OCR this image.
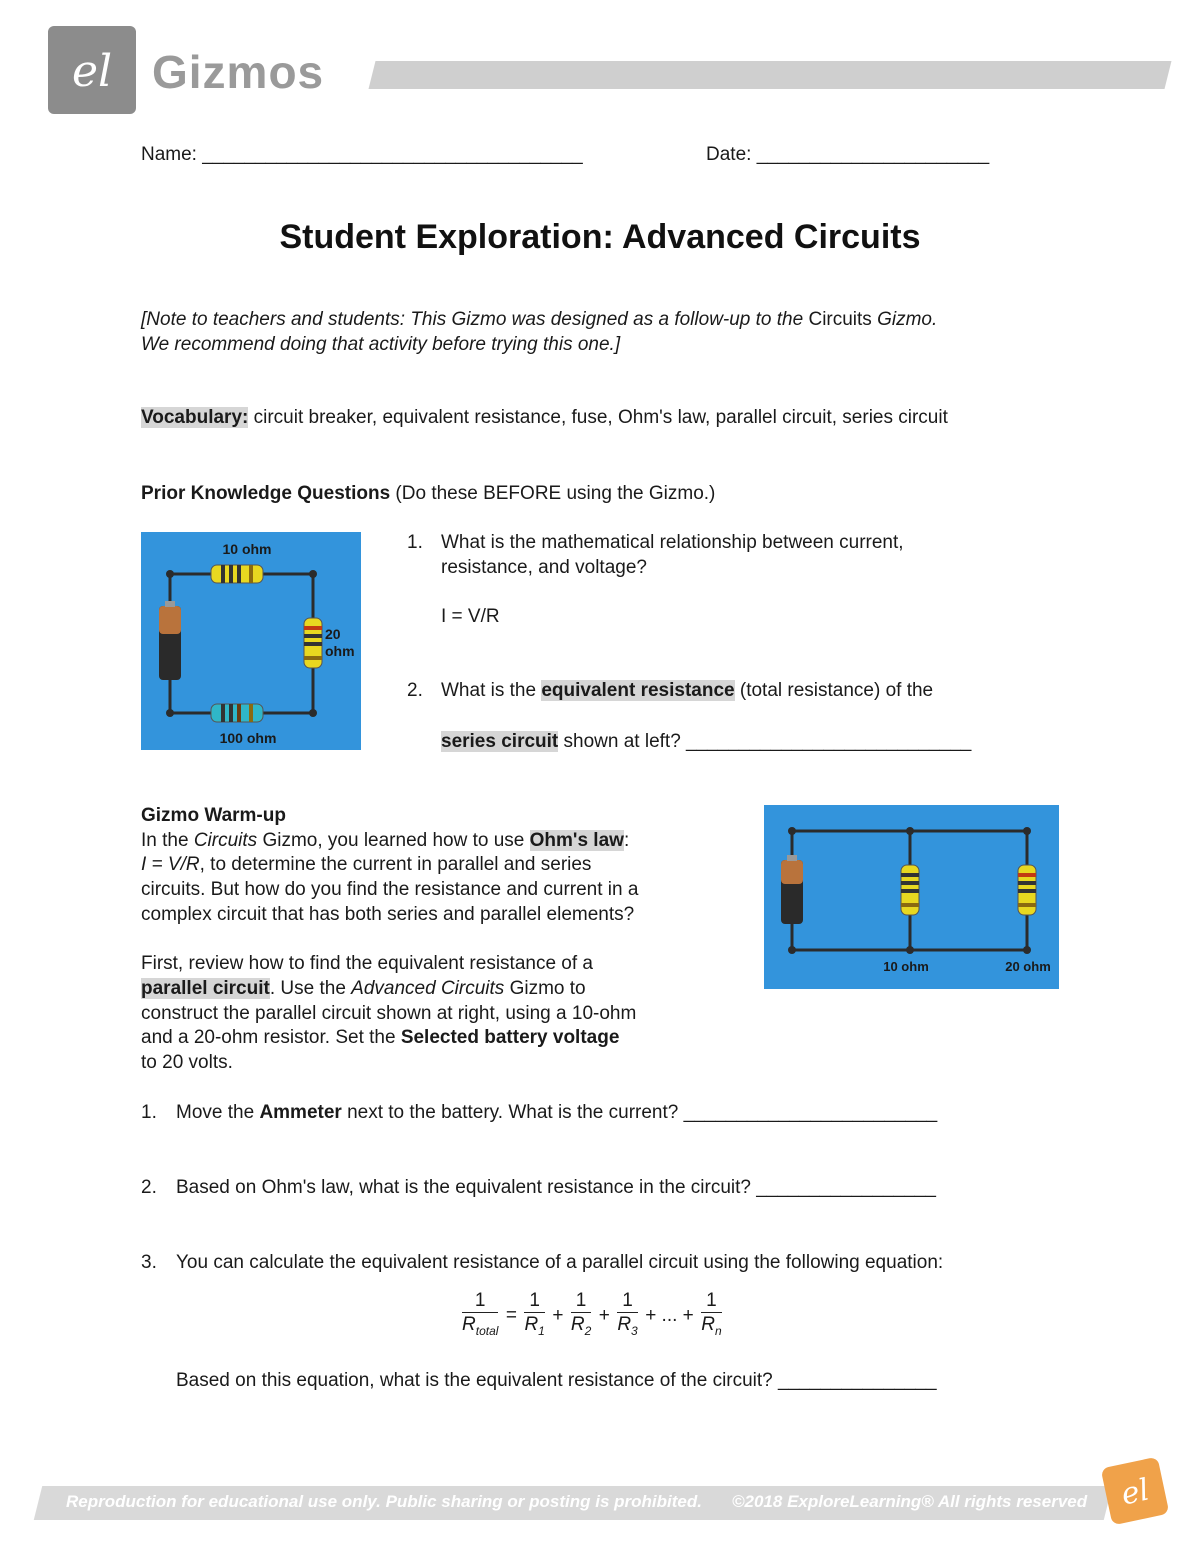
el Gizmos
Name: ____________________________________	Date: ______________________
Student Exploration: Advanced Circuits
[Note to teachers and students: This Gizmo was designed as a follow-up to the Circuits Gizmo.
We recommend doing that activity before trying this one.]
Vocabulary: circuit breaker, equivalent resistance, fuse, Ohm's law, parallel circuit, series circuit
Prior Knowledge Questions (Do these BEFORE using the Gizmo.)
10 ohm
20
ohm
100 ohm
1. What is the mathematical relationship between current,
resistance, and voltage?
I = V/R
2. What is the equivalent resistance (total resistance) of the
series circuit shown at left? ___________________________
Gizmo Warm-up
In the Circuits Gizmo, you learned how to use Ohm's law:
I = V/R, to determine the current in parallel and series
circuits. But how do you find the resistance and current in a
complex circuit that has both series and parallel elements?
First, review how to find the equivalent resistance of a
parallel circuit. Use the Advanced Circuits Gizmo to
construct the parallel circuit shown at right, using a 10-ohm
and a 20-ohm resistor. Set the Selected battery voltage
to 20 volts.
10 ohm	20 ohm
1. Move the Ammeter next to the battery. What is the current? ________________________
2. Based on Ohm's law, what is the equivalent resistance in the circuit? _________________
3. You can calculate the equivalent resistance of a parallel circuit using the following equation:
$\frac{1}{R_{total}} = \frac{1}{R_1} + \frac{1}{R_2} + \frac{1}{R_3}$ + ... + $\frac{1}{R_n}$
Based on this equation, what is the equivalent resistance of the circuit? _______________
Reproduction for educational use only. Public sharing or posting is prohibited. ©2018 ExploreLearning® All rights reserved el
